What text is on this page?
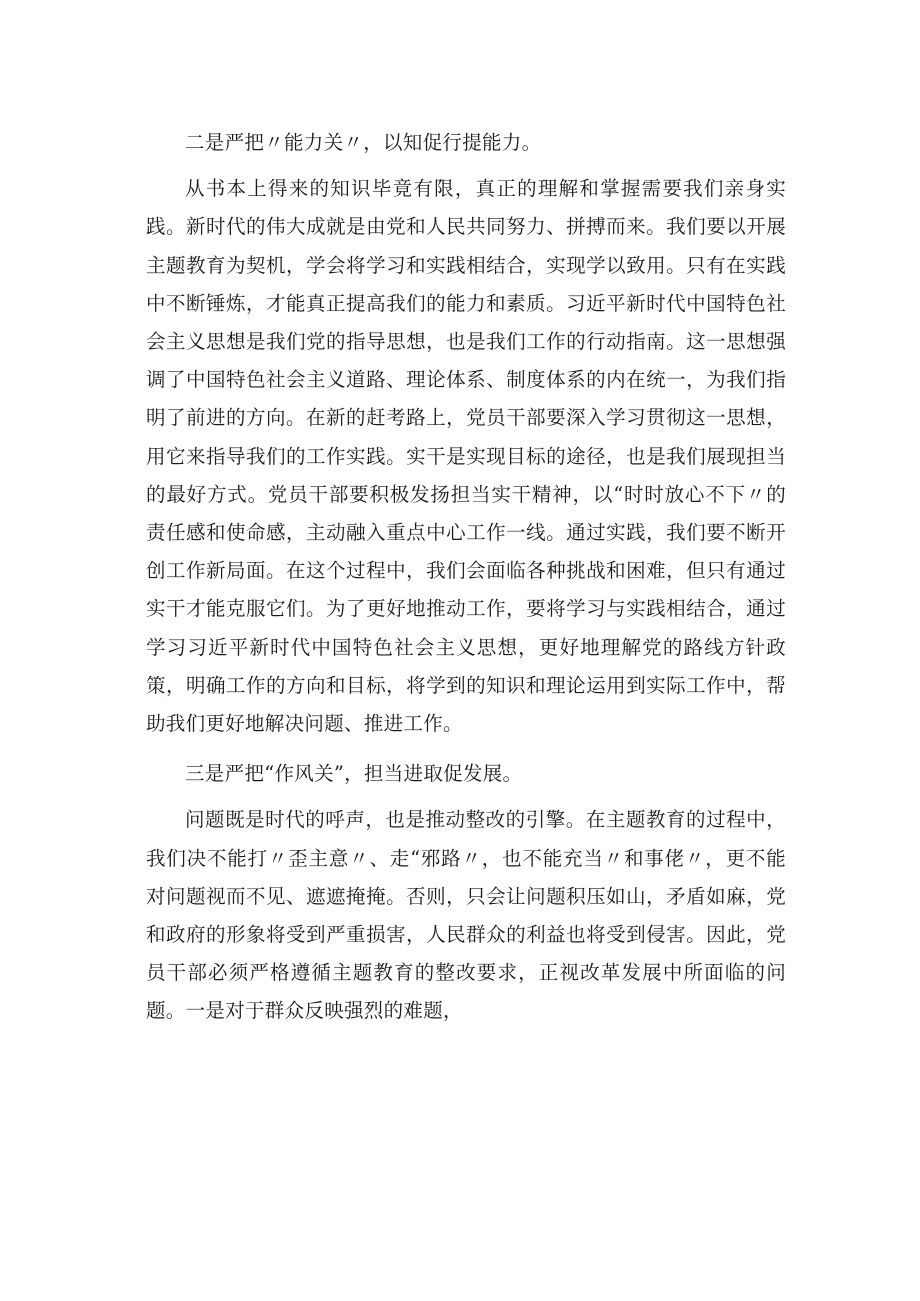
二是严把〃能力关〃，以知促行提能力。

从书本上得来的知识毕竟有限，真正的理解和掌握需要我们亲身实践。新时代的伟大成就是由党和人民共同努力、拼搏而来。我们要以开展主题教育为契机，学会将学习和实践相结合，实现学以致用。只有在实践中不断锤炼，才能真正提高我们的能力和素质。习近平新时代中国特色社会主义思想是我们党的指导思想，也是我们工作的行动指南。这一思想强调了中国特色社会主义道路、理论体系、制度体系的内在统一，为我们指明了前进的方向。在新的赶考路上，党员干部要深入学习贯彻这一思想，用它来指导我们的工作实践。实干是实现目标的途径，也是我们展现担当的最好方式。党员干部要积极发扬担当实干精神，以“时时放心不下〃的责任感和使命感，主动融入重点中心工作一线。通过实践，我们要不断开创工作新局面。在这个过程中，我们会面临各种挑战和困难，但只有通过实干才能克服它们。为了更好地推动工作，要将学习与实践相结合，通过学习习近平新时代中国特色社会主义思想，更好地理解党的路线方针政策，明确工作的方向和目标，将学到的知识和理论运用到实际工作中，帮助我们更好地解决问题、推进工作。

三是严把“作风关”，担当进取促发展。

问题既是时代的呼声，也是推动整改的引擎。在主题教育的过程中，我们决不能打〃歪主意〃、走“邪路〃，也不能充当〃和事佬〃，更不能对问题视而不见、遮遮掩掩。否则，只会让问题积压如山，矛盾如麻，党和政府的形象将受到严重损害，人民群众的利益也将受到侵害。因此，党员干部必须严格遵循主题教育的整改要求，正视改革发展中所面临的问题。一是对于群众反映强烈的难题，
